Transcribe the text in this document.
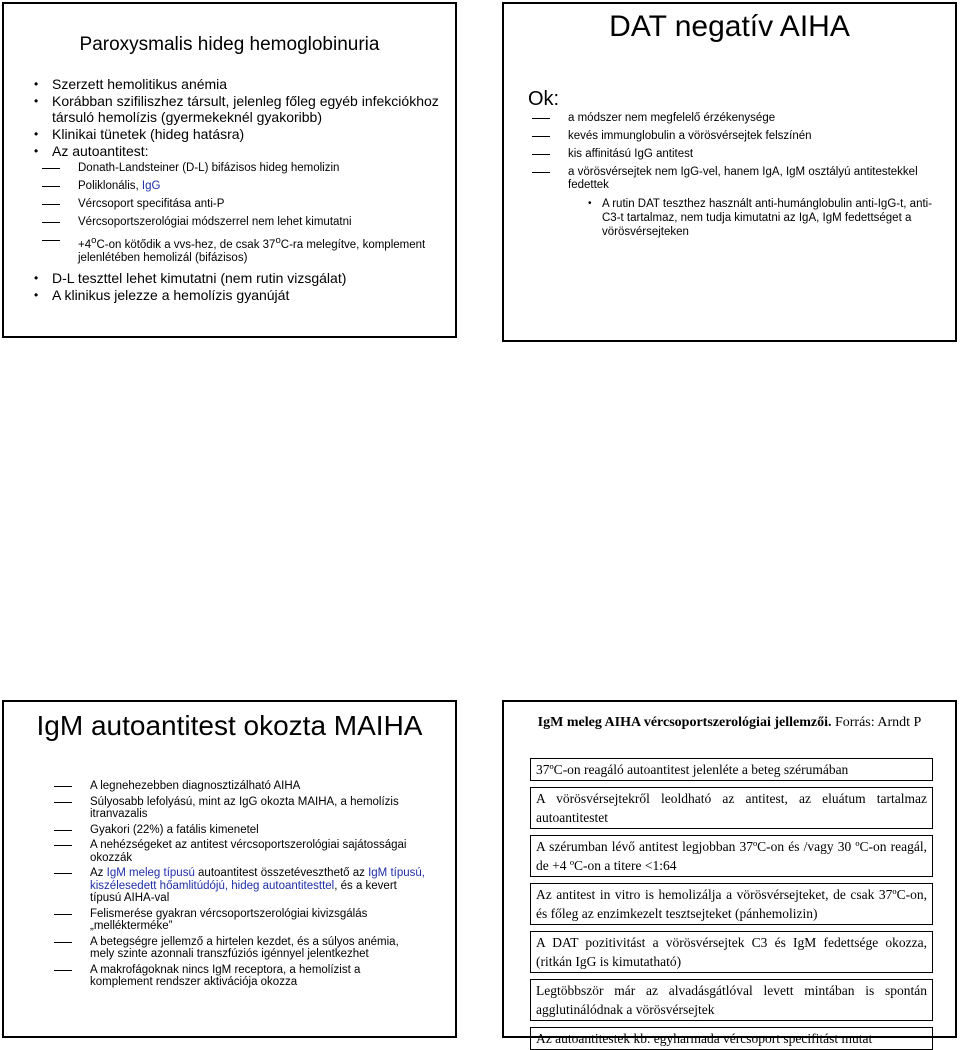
Paroxysmalis hideg hemoglobinuria
• Szerzett hemolitikus anémia
• Korábban szifiliszhez társult, jelenleg főleg egyéb infekciókhoz társuló hemolízis (gyermekeknél gyakoribb)
• Klinikai tünetek (hideg hatásra)
• Az autoantitest:
Donath-Landsteiner (D-L) bifázisos hideg hemolizin
Poliklonális, IgG
Vércsoport specifitása anti-P
Vércsoportszerológiai módszerrel nem lehet kimutatni
$+4^oC-on$ kötődik a vvs-hez, de csak 37$^o$C-ra melegítve, komplement jelenlétében hemolizál (bifázisos)
• D-L teszttel lehet kimutatni (nem rutin vizsgálat)
• A klinikus jelezze a hemolízis gyanúját
DAT negatív AIHA
Ok:
a módszer nem megfelelő érzékenysége
kevés immunglobulin a vörösvérsejtek felszínén
kis affinitású IgG antitest
a vörösvérsejtek nem IgG-vel, hanem IgA, IgM osztályú antitestekkel fedettek
• A rutin DAT teszthez használt anti-humánglobulin anti-IgG-t, anti-C3-t tartalmaz, nem tudja kimutatni az IgA, IgM fedettséget a vörösvérsejteken
IgM autoantitest okozta MAIHA
A legnehezebben diagnosztizálható AIHA
Súlyosabb lefolyású, mint az IgG okozta MAIHA, a hemolízis itranvazalis
Gyakori (22%) a fatális kimenetel
A nehézségeket az antitest vércsoportszerológiai sajátosságai okozzák
Az IgM meleg típusú autoantitest összetéveszthető az IgM típusú, kiszélesedett hőamlitúdójú, hideg autoantitesttel, és a kevert típusú AIHA-val
Felismerése gyakran vércsoportszerológiai kivizsgálás „mellékterméke”
A betegségre jellemző a hirtelen kezdet, és a súlyos anémia, mely szinte azonnali transzfúziós igénnyel jelentkezhet
A makrofágoknak nincs IgM receptora, a hemolízist a komplement rendszer aktivációja okozza
IgM meleg AIHA vércsoportszerológiai jellemzői. Forrás: Arndt P
37ºC-on reagáló autoantitest jelenléte a beteg szérumában
A vörösvérsejtekről leoldható az antitest, az eluátum tartalmaz autoantitestet
A szérumban lévő antitest legjobban 37ºC-on és /vagy 30 ºC-on reagál, de +4 ºC-on a titere <1:64
Az antitest in vitro is hemolizálja a vörösvérsejteket, de csak 37ºC-on, és főleg az enzimkezelt tesztsejteket (pánhemolizin)
A DAT pozitivitást a vörösvérsejtek C3 és IgM fedettsége okozza, (ritkán IgG is kimutatható)
Legtöbbször már az alvadásgátlóval levett mintában is spontán agglutinálódnak a vörösvérsejtek
Az autoantitestek kb. egyharmada vércsoport specifitást mutat
